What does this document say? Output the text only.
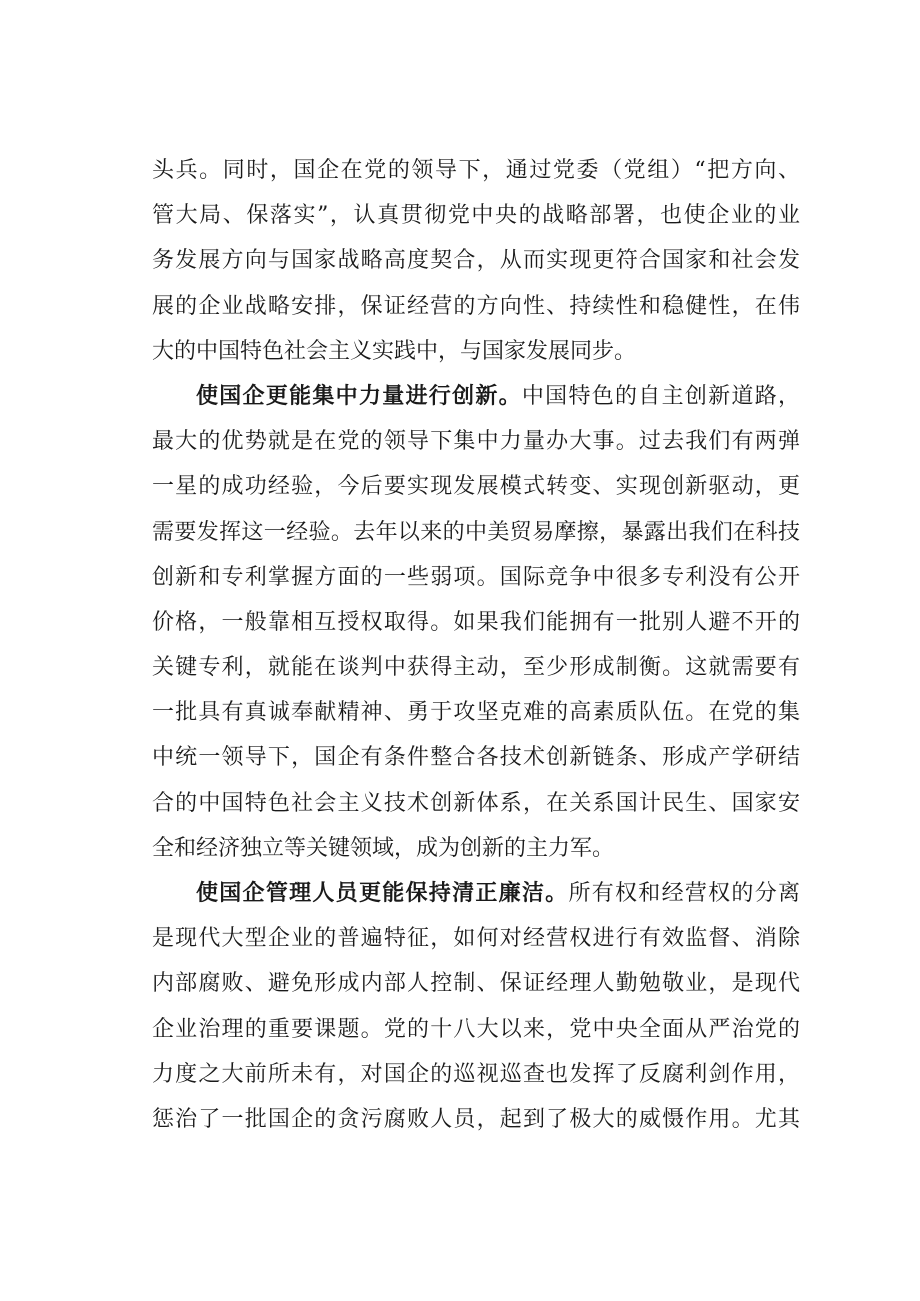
头兵。同时，国企在党的领导下，通过党委（党组）“把方向、
管大局、保落实”，认真贯彻党中央的战略部署，也使企业的业
务发展方向与国家战略高度契合，从而实现更符合国家和社会发
展的企业战略安排，保证经营的方向性、持续性和稳健性，在伟
大的中国特色社会主义实践中，与国家发展同步。
使国企更能集中力量进行创新。中国特色的自主创新道路，
最大的优势就是在党的领导下集中力量办大事。过去我们有两弹
一星的成功经验，今后要实现发展模式转变、实现创新驱动，更
需要发挥这一经验。去年以来的中美贸易摩擦，暴露出我们在科技
创新和专利掌握方面的一些弱项。国际竞争中很多专利没有公开
价格，一般靠相互授权取得。如果我们能拥有一批别人避不开的
关键专利，就能在谈判中获得主动，至少形成制衡。这就需要有
一批具有真诚奉献精神、勇于攻坚克难的高素质队伍。在党的集
中统一领导下，国企有条件整合各技术创新链条、形成产学研结
合的中国特色社会主义技术创新体系，在关系国计民生、国家安
全和经济独立等关键领域，成为创新的主力军。
使国企管理人员更能保持清正廉洁。所有权和经营权的分离
是现代大型企业的普遍特征，如何对经营权进行有效监督、消除
内部腐败、避免形成内部人控制、保证经理人勤勉敬业，是现代
企业治理的重要课题。党的十八大以来，党中央全面从严治党的
力度之大前所未有，对国企的巡视巡查也发挥了反腐利剑作用，
惩治了一批国企的贪污腐败人员，起到了极大的威慑作用。尤其
